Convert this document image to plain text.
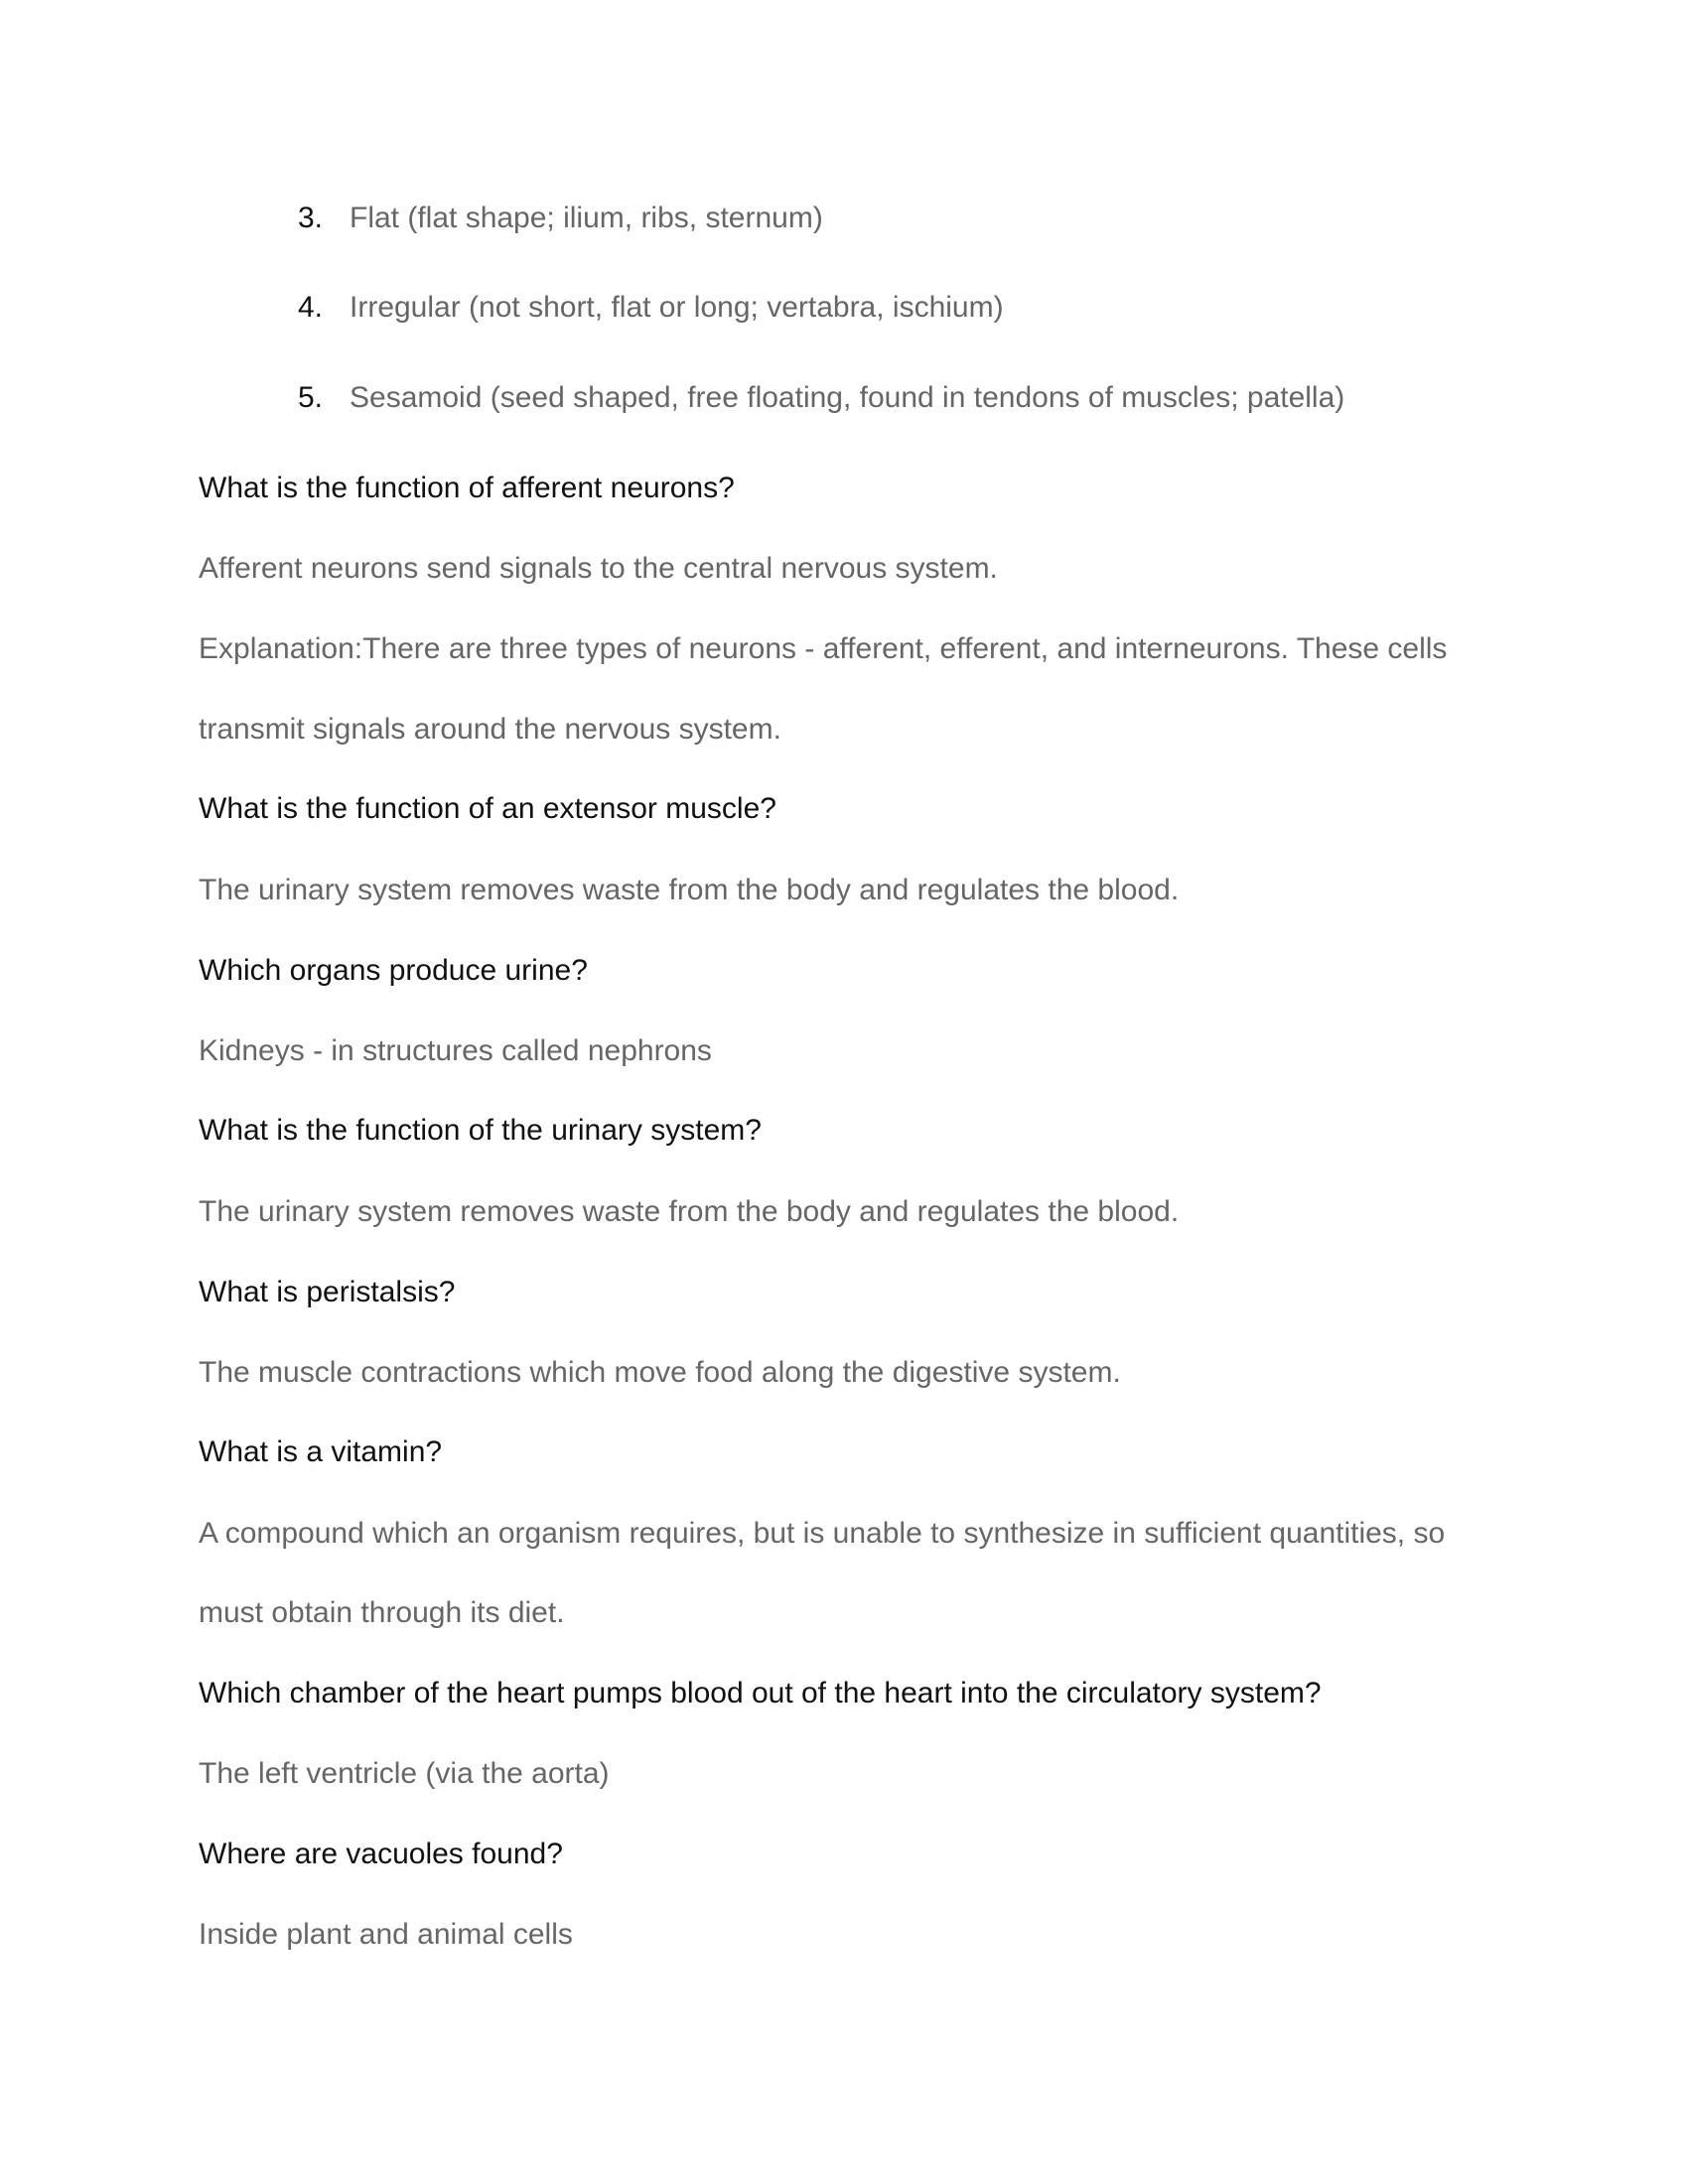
3. Flat (flat shape; ilium, ribs, sternum)
4. Irregular (not short, flat or long; vertabra, ischium)
5. Sesamoid (seed shaped, free floating, found in tendons of muscles; patella)
What is the function of afferent neurons?
Afferent neurons send signals to the central nervous system.
Explanation:There are three types of neurons - afferent, efferent, and interneurons. These cells
transmit signals around the nervous system.
What is the function of an extensor muscle?
The urinary system removes waste from the body and regulates the blood.
Which organs produce urine?
Kidneys - in structures called nephrons
What is the function of the urinary system?
The urinary system removes waste from the body and regulates the blood.
What is peristalsis?
The muscle contractions which move food along the digestive system.
What is a vitamin?
A compound which an organism requires, but is unable to synthesize in sufficient quantities, so
must obtain through its diet.
Which chamber of the heart pumps blood out of the heart into the circulatory system?
The left ventricle (via the aorta)
Where are vacuoles found?
Inside plant and animal cells
